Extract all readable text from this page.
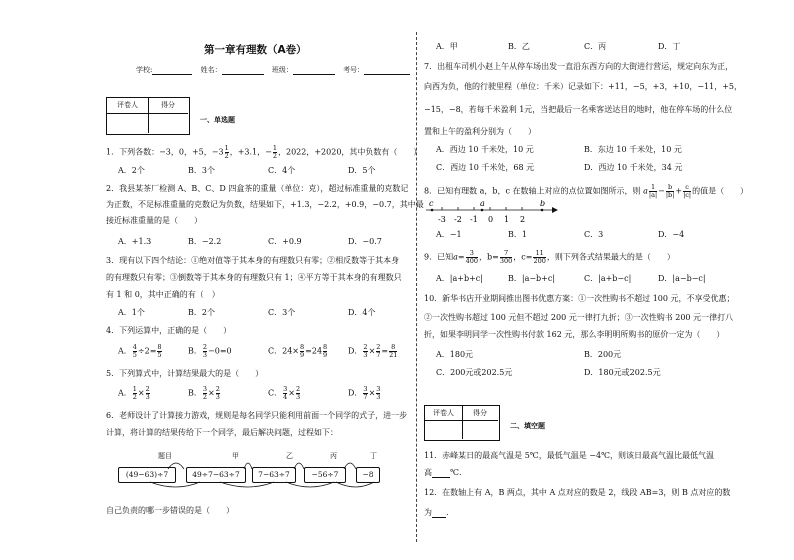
第一章有理数（A卷）
学校:	姓名：	班级：	考号：
评卷人	得分
一、单选题
1．下列各数：−3，0，+5，$-3 \frac{1}{2}$ ，+3.1，− $\frac{1}{2}$ ，2022，+2020，其中负数有（　　）
A．2个	B．3个	C．4个	D．5个
2．我县某茶厂检测 A、B、C、D 四盒茶的重量（单位：克），超过标准重量的克数记
为正数，不足标准重量的克数记为负数，结果如下，+1.3，−2.2，+0.9，−0.7，其中最
接近标准重量的是（　　）
A．+1.3	B．−2.2	C．+0.9	D．−0.7
3．现有以下四个结论：①绝对值等于其本身的有理数只有零；②相反数等于其本身
的有理数只有零；③倒数等于其本身的有理数只有 1；④平方等于其本身的有理数只
有 1 和 0，其中正确的有（　）
A．1个	B．2个	C．3个	D．4个
4．下列运算中，正确的是（　　）
A． $\frac{4}{5} \div 2= \frac{8}{5}$	B． $\frac{2}{3} -0=0$	C．$24\times \frac{8}{9} =24 \frac{8}{9}$	D． $\frac{2}{3} \times \frac{2}{7} = \frac{8}{21}$
5．下列算式中，计算结果最大的是（　　）
A． $\frac{1}{2} \times \frac{2}{3}$	B． $\frac{3}{2} \times \frac{2}{3}$	C． $\frac{3}{4} \times \frac{2}{3}$	D． $\frac{3}{7} \times \frac{3}{3}$
6．老师设计了计算接力游戏，规则是每名同学只能利用前面一个同学的式子，进一步
计算，将计算的结果传给下一个同学，最后解决问题，过程如下：
题目	甲	乙	丙	丁
(49−63)÷7	49÷7−63÷7	7−63÷7	−56÷7	−8
自己负责的哪一步错误的是（　　）
A．甲	B．乙	C．丙	D．丁
7．出租车司机小赵上午从停车场出发一直沿东西方向的大街进行营运，规定向东为正，
向西为负，他的行驶里程（单位：千米）记录如下：+11，−5，+3，+10，−11，+5，
−15，−8，若每千米盈利 1元，当把最后一名乘客送达目的地时，他在停车场的什么位
置和上午的盈利分别为（　　）
A．西边 10 千米处，10 元	B．东边 10 千米处，10 元
C．西边 10 千米处，68 元	D．西边 10 千米处，34 元
8．已知有理数 a，b，c 在数轴上对应的点位置如图所示，则 a $\frac{1}{|a|} - \frac{b}{|b|} + \frac{c}{|c|}$ 的值是（　　）
c	a	b
-3 -2 -1 0 1 2
A．−1	B．1	C．3	D．−4
9．已知$a= \frac{3}{400}$ ，$b= \frac{7}{300}$ ，$c= \frac{11}{200}$ ，则下列各式结果最大的是（　　）
A．|a+b+c|	B．|a−b+c|	C．|a+b−c|	D．|a−b−c|
10．新华书店开业期间推出图书优惠方案：①一次性购书不超过 100 元，不享受优惠；
②一次性购书超过 100 元但不超过 200 元一律打九折；③一次性购书 200 元一律打八
折，如果李明同学一次性购书付款 162 元，那么李明明所购书的原价一定为（　　）
A．180元	B．200元
C．200元或202.5元	D．180元或202.5元
评卷人	得分
二、填空题
11．赤峰某日的最高气温是 5℃，最低气温是 −4℃，则该日最高气温比最低气温
高 ℃.
12．在数轴上有 A，B 两点，其中 A 点对应的数是 2，线段 AB=3，则 B 点对应的数
为 .
